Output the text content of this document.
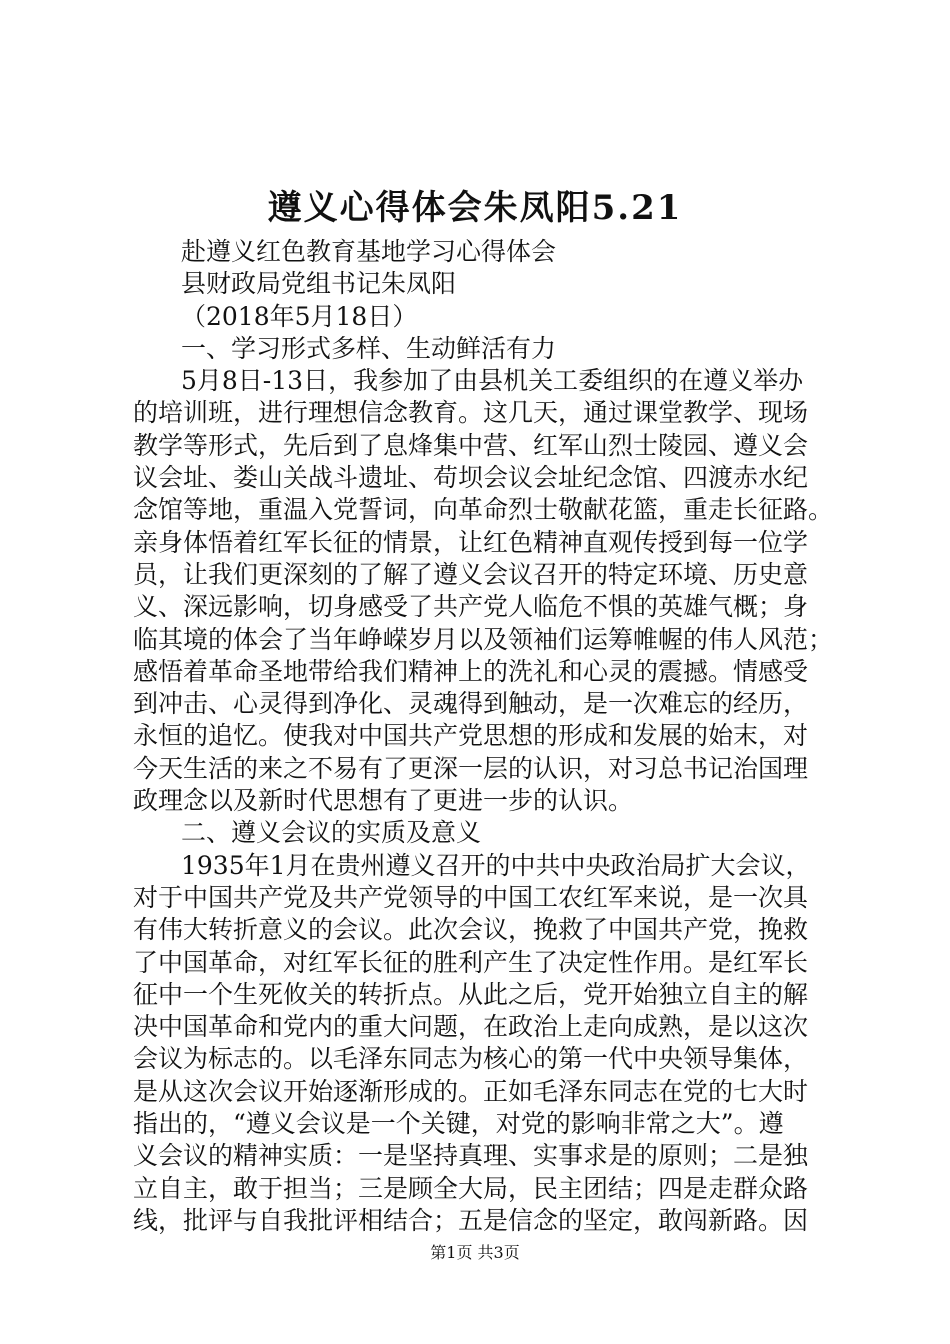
遵义心得体会朱凤阳5.21
赴遵义红色教育基地学习心得体会
县财政局党组书记朱凤阳
（2018年5月18日）
一、学习形式多样、生动鲜活有力
5月8日-13日，我参加了由县机关工委组织的在遵义举办
的培训班，进行理想信念教育。这几天，通过课堂教学、现场
教学等形式，先后到了息烽集中营、红军山烈士陵园、遵义会
议会址、娄山关战斗遗址、苟坝会议会址纪念馆、四渡赤水纪
念馆等地，重温入党誓词，向革命烈士敬献花篮，重走长征路。
亲身体悟着红军长征的情景，让红色精神直观传授到每一位学
员，让我们更深刻的了解了遵义会议召开的特定环境、历史意
义、深远影响，切身感受了共产党人临危不惧的英雄气概；身
临其境的体会了当年峥嵘岁月以及领袖们运筹帷幄的伟人风范；
感悟着革命圣地带给我们精神上的洗礼和心灵的震撼。情感受
到冲击、心灵得到净化、灵魂得到触动，是一次难忘的经历，
永恒的追忆。使我对中国共产党思想的形成和发展的始末，对
今天生活的来之不易有了更深一层的认识，对习总书记治国理
政理念以及新时代思想有了更进一步的认识。
二、遵义会议的实质及意义
1935年1月在贵州遵义召开的中共中央政治局扩大会议，
对于中国共产党及共产党领导的中国工农红军来说，是一次具
有伟大转折意义的会议。此次会议，挽救了中国共产党，挽救
了中国革命，对红军长征的胜利产生了决定性作用。是红军长
征中一个生死攸关的转折点。从此之后，党开始独立自主的解
决中国革命和党内的重大问题，在政治上走向成熟，是以这次
会议为标志的。以毛泽东同志为核心的第一代中央领导集体，
是从这次会议开始逐渐形成的。正如毛泽东同志在党的七大时
指出的，“遵义会议是一个关键，对党的影响非常之大”。遵
义会议的精神实质：一是坚持真理、实事求是的原则；二是独
立自主，敢于担当；三是顾全大局，民主团结；四是走群众路
线，批评与自我批评相结合；五是信念的坚定，敢闯新路。因
第1页 共3页
